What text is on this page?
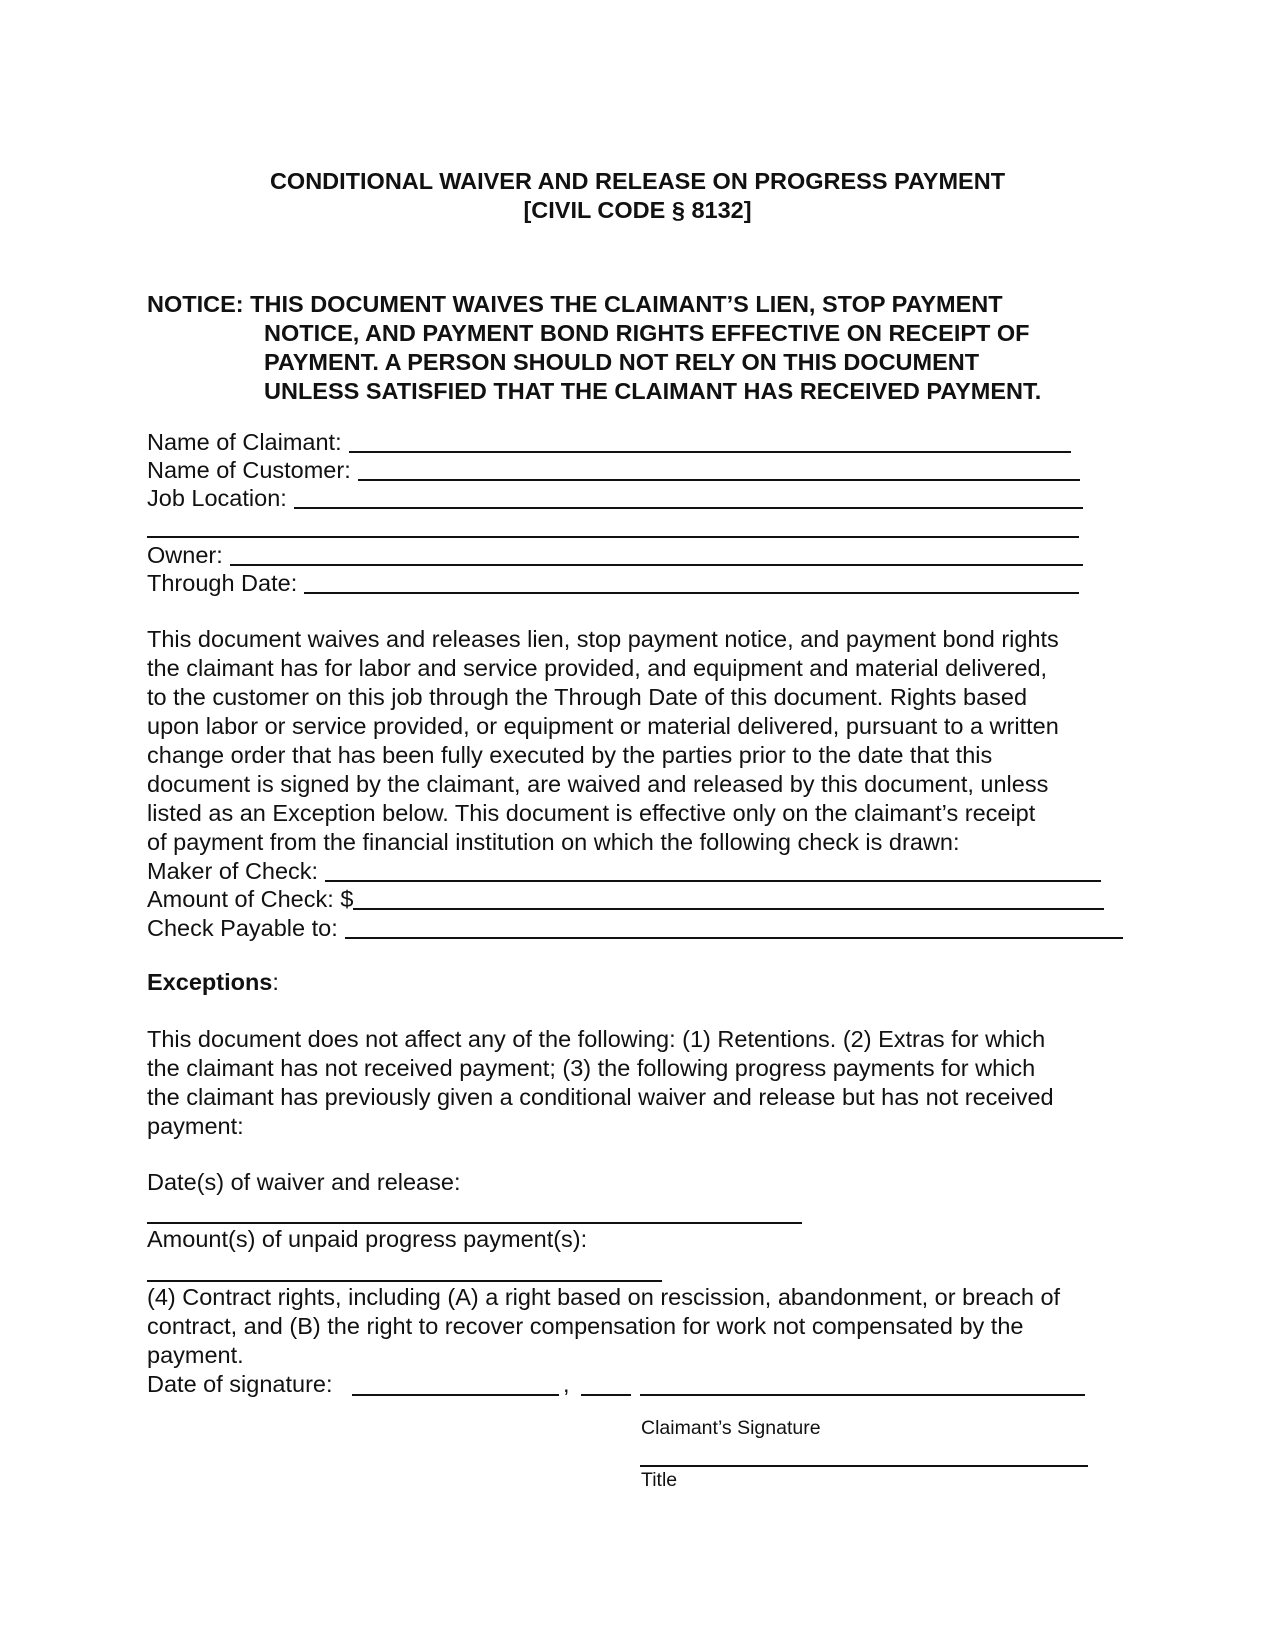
CONDITIONAL WAIVER AND RELEASE ON PROGRESS PAYMENT
[CIVIL CODE § 8132]
NOTICE: THIS DOCUMENT WAIVES THE CLAIMANT’S LIEN, STOP PAYMENT
NOTICE, AND PAYMENT BOND RIGHTS EFFECTIVE ON RECEIPT OF
PAYMENT. A PERSON SHOULD NOT RELY ON THIS DOCUMENT
UNLESS SATISFIED THAT THE CLAIMANT HAS RECEIVED PAYMENT.
Name of Claimant:
Name of Customer:
Job Location:
Owner:
Through Date:

This document waives and releases lien, stop payment notice, and payment bond rights

the claimant has for labor and service provided, and equipment and material delivered,

to the customer on this job through the Through Date of this document. Rights based

upon labor or service provided, or equipment or material delivered, pursuant to a written

change order that has been fully executed by the parties prior to the date that this

document is signed by the claimant, are waived and released by this document, unless

listed as an Exception below. This document is effective only on the claimant’s receipt

of payment from the financial institution on which the following check is drawn:

Maker of Check:
Amount of Check: $
Check Payable to:

Exceptions:

This document does not affect any of the following: (1) Retentions. (2) Extras for which

the claimant has not received payment; (3) the following progress payments for which

the claimant has previously given a conditional waiver and release but has not received

payment:

Date(s) of waiver and release:

Amount(s) of unpaid progress payment(s):

(4) Contract rights, including (A) a right based on rescission, abandonment, or breach of

contract, and (B) the right to recover compensation for work not compensated by the

payment.

Date of signature:	,

Claimant’s Signature
Title
